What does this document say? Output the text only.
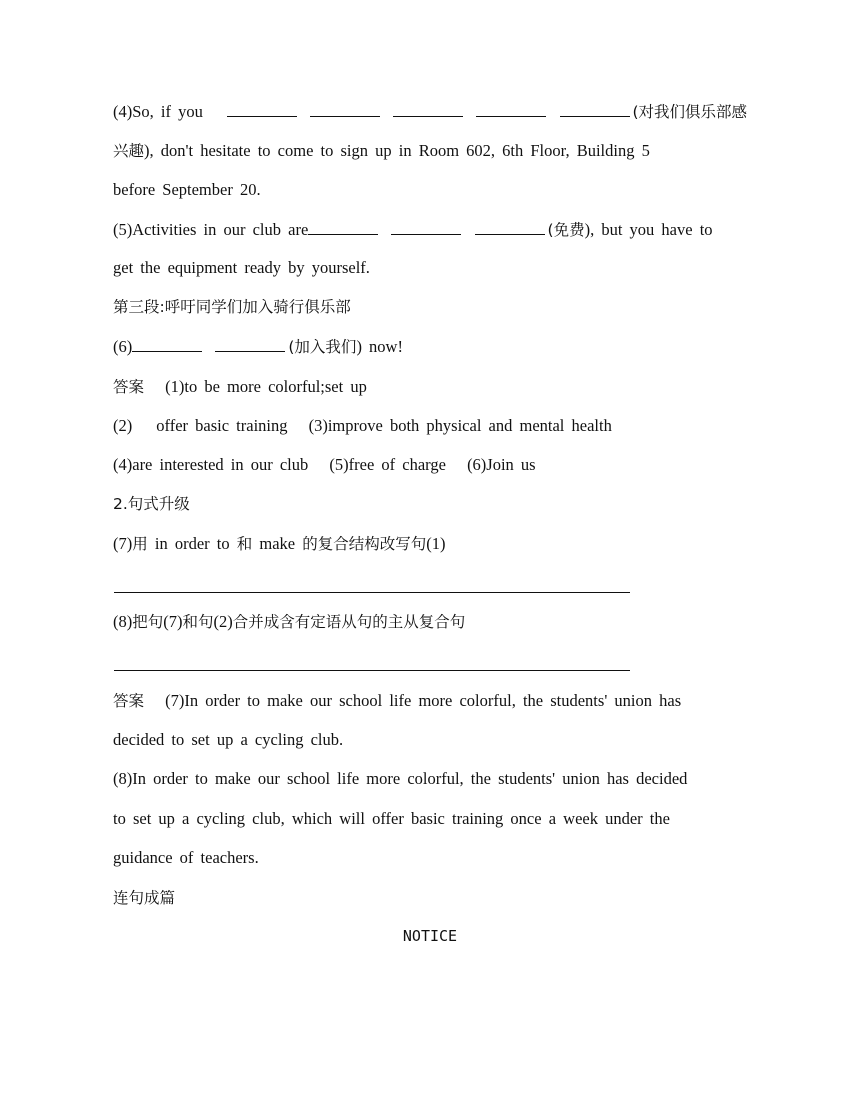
(4)So, if you	(对我们俱乐部感
兴趣), don't hesitate to come to sign up in Room 602, 6th Floor, Building 5
before September 20.
(5)Activities in our club are	(免费), but you have to
get the equipment ready by yourself.
第三段:呼吁同学们加入骑行俱乐部
(6)	(加入我们) now!
答案 (1)to be more colorful;set up
(2) offer basic training (3)improve both physical and mental health
(4)are interested in our club (5)free of charge (6)Join us
2.句式升级
(7)用 in order to 和 make 的复合结构改写句(1)
(8)把句(7)和句(2)合并成含有定语从句的主从复合句
答案 (7)In order to make our school life more colorful, the students' union has
decided to set up a cycling club.
(8)In order to make our school life more colorful, the students' union has decided
to set up a cycling club, which will offer basic training once a week under the
guidance of teachers.
连句成篇
NOTICE
